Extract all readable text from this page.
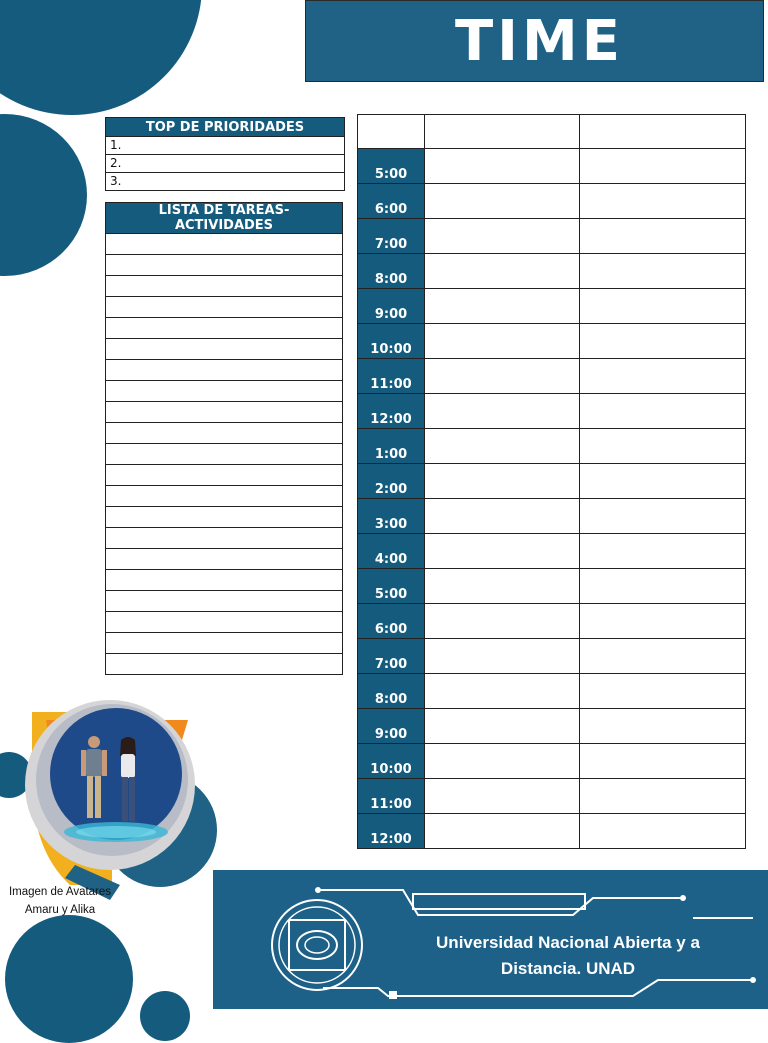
TIME
TOP DE PRIORIDADES
1.
2.
3.
LISTA DE TAREAS-
ACTIVIDADES

5:00		
6:00		
7:00		
8:00		
9:00		
10:00		
11:00		
12:00		
1:00		
2:00		
3:00		
4:00		
5:00		
6:00		
7:00		
8:00		
9:00		
10:00		
11:00		
12:00		
Imagen de Avatares
Amaru y Alika
Universidad Nacional Abierta y a
Distancia. UNAD
